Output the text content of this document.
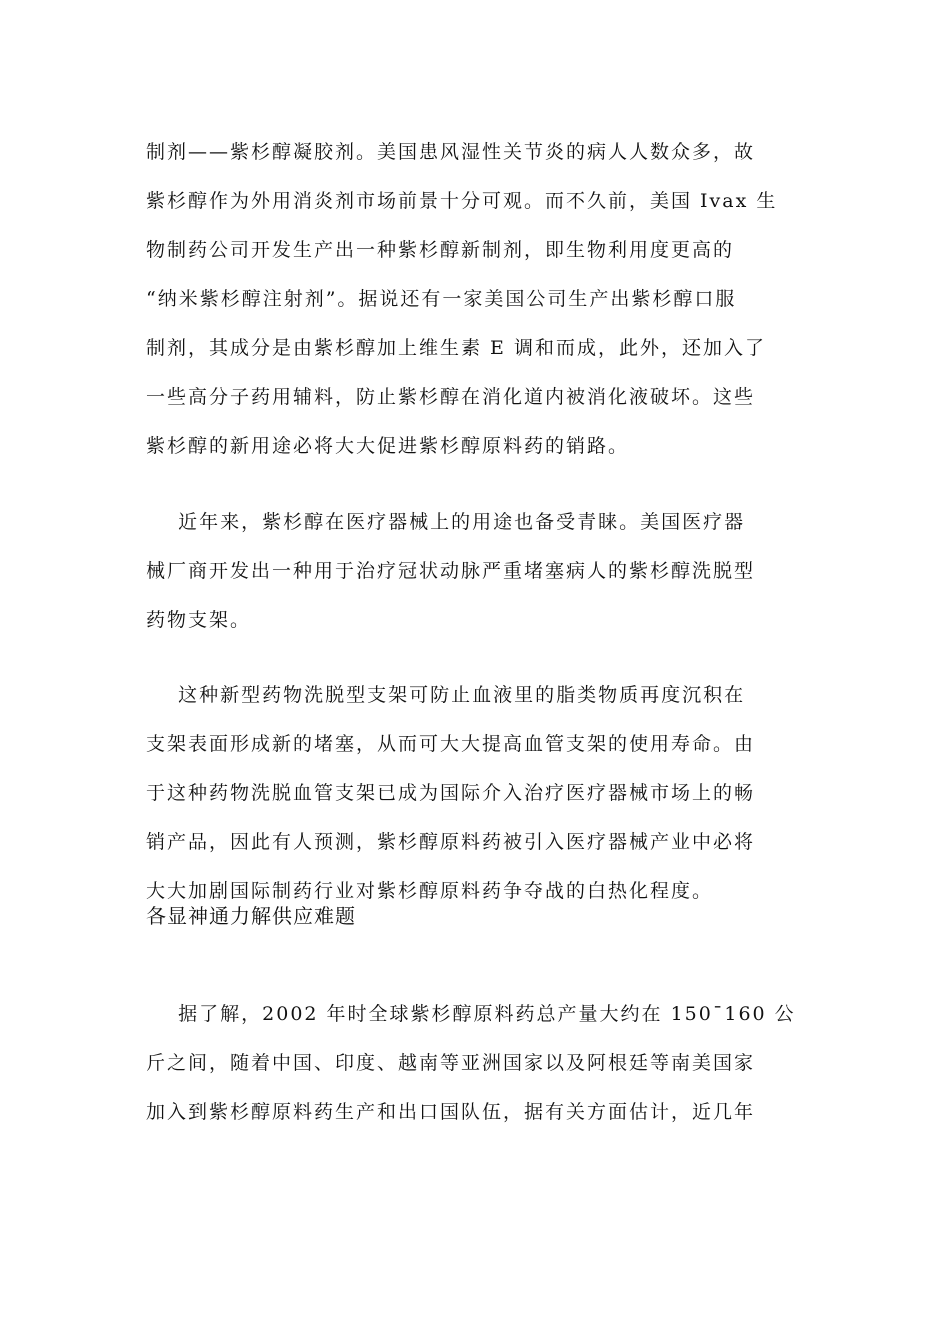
制剂——紫杉醇凝胶剂。美国患风湿性关节炎的病人人数众多，故
紫杉醇作为外用消炎剂市场前景十分可观。而不久前，美国 Ivax 生
物制药公司开发生产出一种紫杉醇新制剂，即生物利用度更高的
“纳米紫杉醇注射剂”。据说还有一家美国公司生产出紫杉醇口服
制剂，其成分是由紫杉醇加上维生素 E 调和而成，此外，还加入了
一些高分子药用辅料，防止紫杉醇在消化道内被消化液破坏。这些
紫杉醇的新用途必将大大促进紫杉醇原料药的销路。
近年来，紫杉醇在医疗器械上的用途也备受青睐。美国医疗器
械厂商开发出一种用于治疗冠状动脉严重堵塞病人的紫杉醇洗脱型
药物支架。
这种新型药物洗脱型支架可防止血液里的脂类物质再度沉积在
支架表面形成新的堵塞，从而可大大提高血管支架的使用寿命。由
于这种药物洗脱血管支架已成为国际介入治疗医疗器械市场上的畅
销产品，因此有人预测，紫杉醇原料药被引入医疗器械产业中必将
大大加剧国际制药行业对紫杉醇原料药争夺战的白热化程度。
各显神通力解供应难题
据了解，2002 年时全球紫杉醇原料药总产量大约在 150¯160 公
斤之间，随着中国、印度、越南等亚洲国家以及阿根廷等南美国家
加入到紫杉醇原料药生产和出口国队伍，据有关方面估计，近几年
